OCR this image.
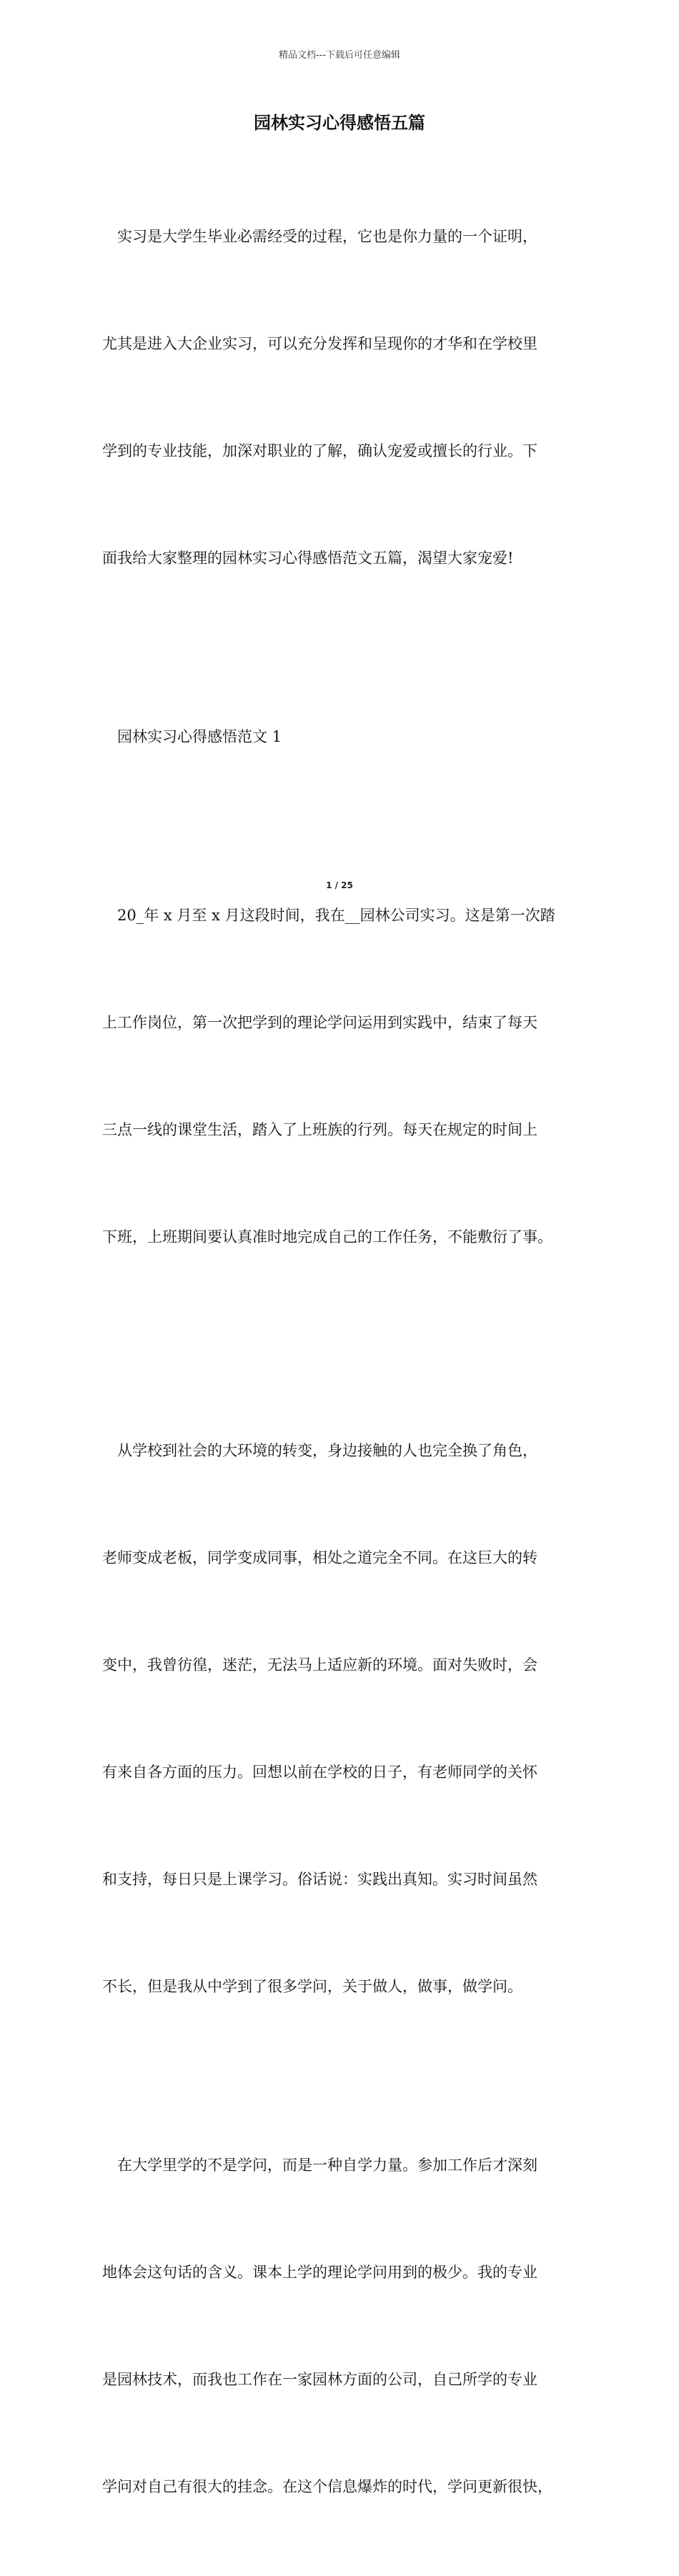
精品文档---下载后可任意编辑
园林实习心得感悟五篇

　实习是大学生毕业必需经受的过程，它也是你力量的一个证明，

尤其是进入大企业实习，可以充分发挥和呈现你的才华和在学校里

学到的专业技能，加深对职业的了解，确认宠爱或擅长的行业。下

面我给大家整理的园林实习心得感悟范文五篇，渴望大家宠爱!

　园林实习心得感悟范文 1

　20_年 x 月至 x 月这段时间，我在__园林公司实习。这是第一次踏

上工作岗位，第一次把学到的理论学问运用到实践中，结束了每天

三点一线的课堂生活，踏入了上班族的行列。每天在规定的时间上

下班，上班期间要认真准时地完成自己的工作任务，不能敷衍了事。

　从学校到社会的大环境的转变，身边接触的人也完全换了角色，

老师变成老板，同学变成同事，相处之道完全不同。在这巨大的转

变中，我曾彷徨，迷茫，无法马上适应新的环境。面对失败时，会

有来自各方面的压力。回想以前在学校的日子，有老师同学的关怀

和支持，每日只是上课学习。俗话说：实践出真知。实习时间虽然

不长，但是我从中学到了很多学问，关于做人，做事，做学问。

　在大学里学的不是学问，而是一种自学力量。参加工作后才深刻

地体会这句话的含义。课本上学的理论学问用到的极少。我的专业

是园林技术，而我也工作在一家园林方面的公司，自己所学的专业

学问对自己有很大的挂念。在这个信息爆炸的时代，学问更新很快，

1 / 25
